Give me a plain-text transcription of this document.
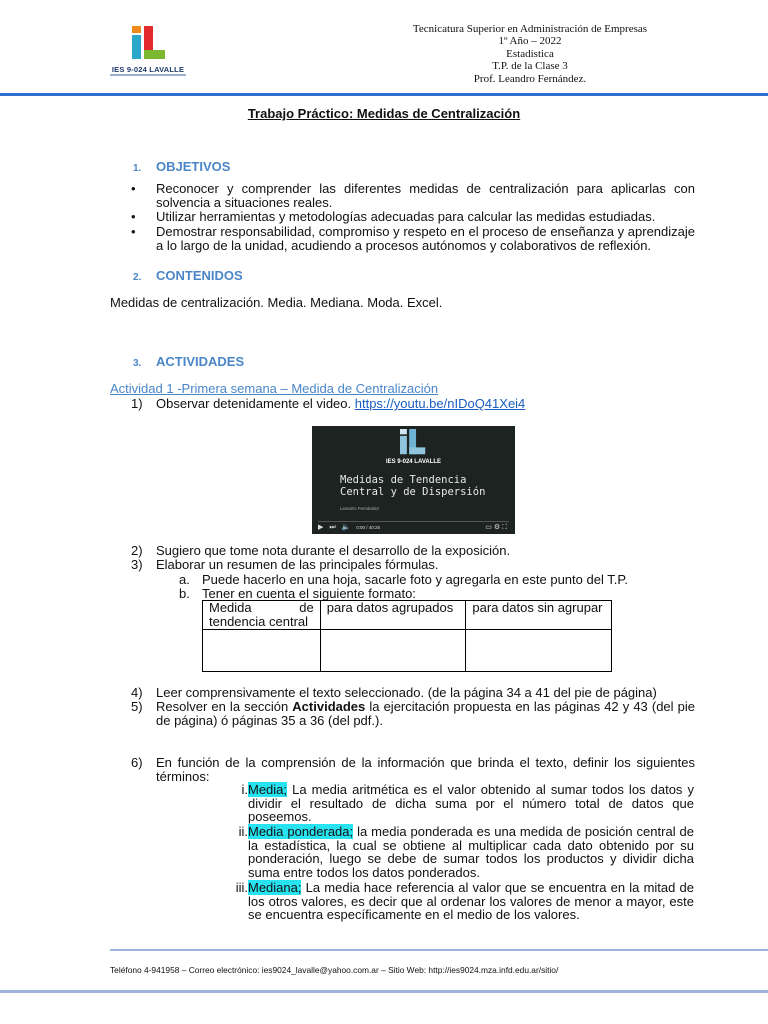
IES 9-024 LAVALLE
Tecnicatura Superior en Administración de Empresas
1º Año – 2022
Estadística
T.P. de la Clase 3
Prof. Leandro Fernández.
Trabajo Práctico: Medidas de Centralización
1. OBJETIVOS
• Reconocer y comprender las diferentes medidas de centralización para aplicarlas con solvencia a situaciones reales.
• Utilizar herramientas y metodologías adecuadas para calcular las medidas estudiadas.
• Demostrar responsabilidad, compromiso y respeto en el proceso de enseñanza y aprendizaje a lo largo de la unidad, acudiendo a procesos autónomos y colaborativos de reflexión.
2. CONTENIDOS
Medidas de centralización. Media. Mediana. Moda. Excel.
3. ACTIVIDADES
Actividad 1 -Primera semana – Medida de Centralización
1) Observar detenidamente el video. https://youtu.be/nIDoQ41Xei4
IES 9-024 LAVALLE
Medidas de Tendencia
Central y de Dispersión
Leandro Fernández
▶ ⏭ 🔈 0:00 / 40:26	▭ ⚙ ⛶
2) Sugiero que tome nota durante el desarrollo de la exposición.
3) Elaborar un resumen de las principales fórmulas.
a. Puede hacerlo en una hoja, sacarle foto y agregarla en este punto del T.P.
b. Tener en cuenta el siguiente formato:
Medida de tendencia central	para datos agrupados	para datos sin agrupar

4) Leer comprensivamente el texto seleccionado. (de la página 34 a 41 del pie de página)
5) Resolver en la sección Actividades la ejercitación propuesta en las páginas 42 y 43 (del pie de página) ó páginas 35 a 36 (del pdf.).
6) En función de la comprensión de la información que brinda el texto, definir los siguientes términos:
i. Media; La media aritmética es el valor obtenido al sumar todos los datos y dividir el resultado de dicha suma por el número total de datos que poseemos.
ii. Media ponderada; la media ponderada es una medida de posición central de la estadística, la cual se obtiene al multiplicar cada dato obtenido por su ponderación, luego se debe de sumar todos los productos y dividir dicha suma entre todos los datos ponderados.
iii. Mediana; La media hace referencia al valor que se encuentra en la mitad de los otros valores, es decir que al ordenar los valores de menor a mayor, este se encuentra específicamente en el medio de los valores.
Teléfono 4-941958 – Correo electrónico: ies9024_lavalle@yahoo.com.ar – Sitio Web: http://ies9024.mza.infd.edu.ar/sitio/
